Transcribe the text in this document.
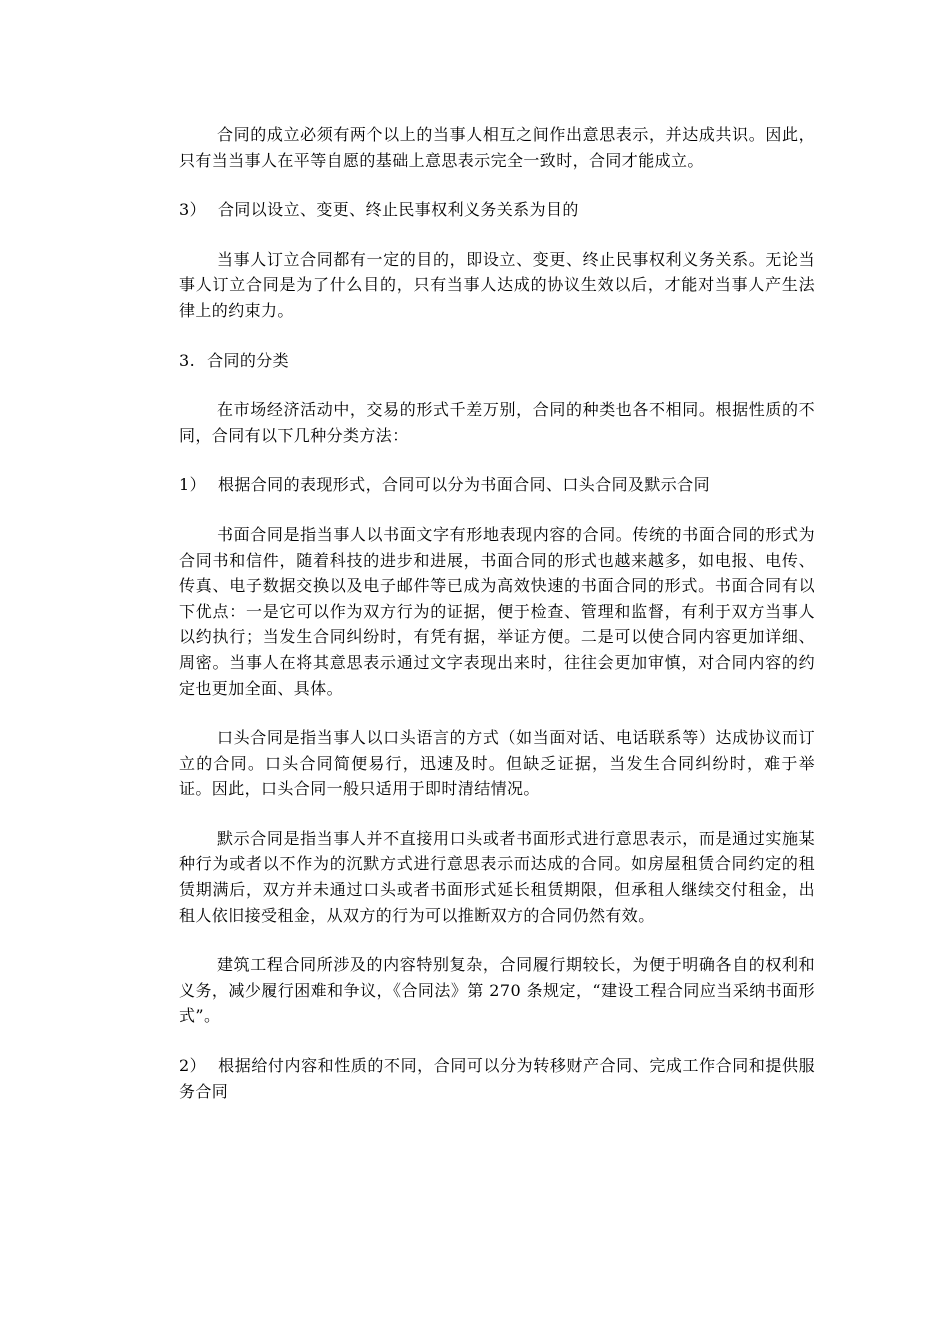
合同的成立必须有两个以上的当事人相互之间作出意思表示，并达成共识。因此，只有当当事人在平等自愿的基础上意思表示完全一致时，合同才能成立。

3） 合同以设立、变更、终止民事权利义务关系为目的

当事人订立合同都有一定的目的，即设立、变更、终止民事权利义务关系。无论当事人订立合同是为了什么目的，只有当事人达成的协议生效以后，才能对当事人产生法律上的约束力。

3. 合同的分类

在市场经济活动中，交易的形式千差万别，合同的种类也各不相同。根据性质的不同，合同有以下几种分类方法：

1） 根据合同的表现形式，合同可以分为书面合同、口头合同及默示合同

书面合同是指当事人以书面文字有形地表现内容的合同。传统的书面合同的形式为合同书和信件，随着科技的进步和进展，书面合同的形式也越来越多，如电报、电传、传真、电子数据交换以及电子邮件等已成为高效快速的书面合同的形式。书面合同有以下优点：一是它可以作为双方行为的证据，便于检查、管理和监督，有利于双方当事人以约执行；当发生合同纠纷时，有凭有据，举证方便。二是可以使合同内容更加详细、周密。当事人在将其意思表示通过文字表现出来时，往往会更加审慎，对合同内容的约定也更加全面、具体。

口头合同是指当事人以口头语言的方式（如当面对话、电话联系等）达成协议而订立的合同。口头合同简便易行，迅速及时。但缺乏证据，当发生合同纠纷时，难于举证。因此，口头合同一般只适用于即时清结情况。

默示合同是指当事人并不直接用口头或者书面形式进行意思表示，而是通过实施某种行为或者以不作为的沉默方式进行意思表示而达成的合同。如房屋租赁合同约定的租赁期满后，双方并未通过口头或者书面形式延长租赁期限，但承租人继续交付租金，出租人依旧接受租金，从双方的行为可以推断双方的合同仍然有效。

建筑工程合同所涉及的内容特别复杂，合同履行期较长，为便于明确各自的权利和义务，减少履行困难和争议，《合同法》第 270 条规定，“建设工程合同应当采纳书面形式”。

2） 根据给付内容和性质的不同，合同可以分为转移财产合同、完成工作合同和提供服务合同
